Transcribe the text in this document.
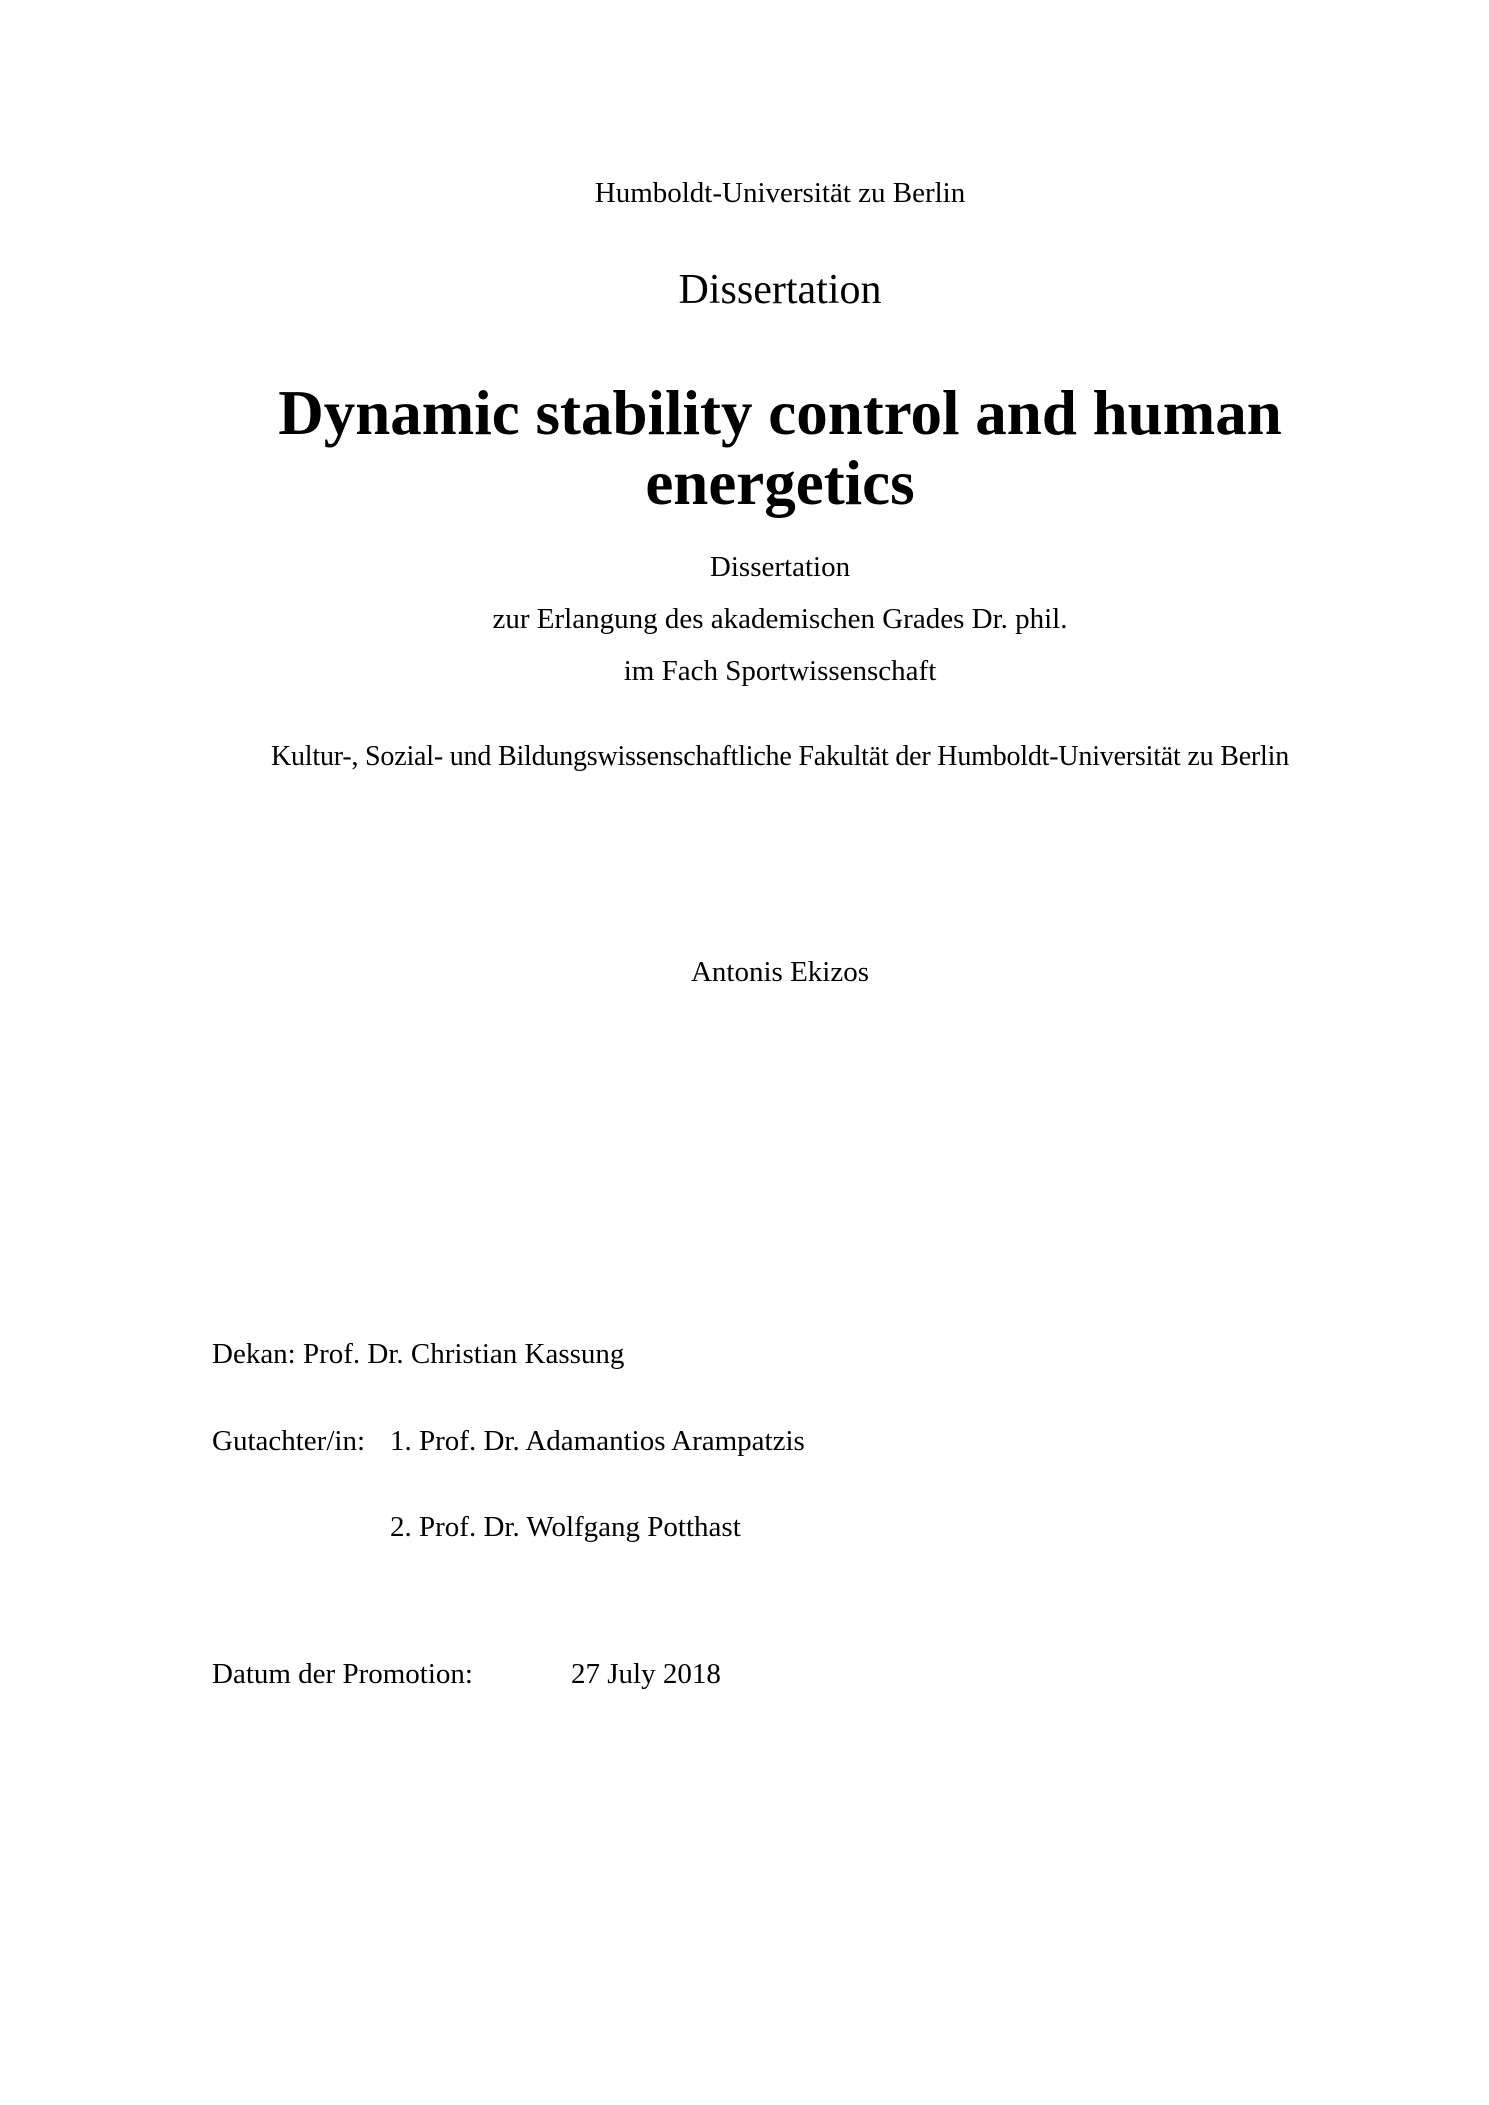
Humboldt-Universität zu Berlin
Dissertation
Dynamic stability control and human
energetics
Dissertation
zur Erlangung des akademischen Grades Dr. phil.
im Fach Sportwissenschaft
Kultur-, Sozial- und Bildungswissenschaftliche Fakultät der Humboldt-Universität zu Berlin
Antonis Ekizos
Dekan: Prof. Dr. Christian Kassung
Gutachter/in: 1. Prof. Dr. Adamantios Arampatzis
2. Prof. Dr. Wolfgang Potthast
Datum der Promotion:	27 July 2018
